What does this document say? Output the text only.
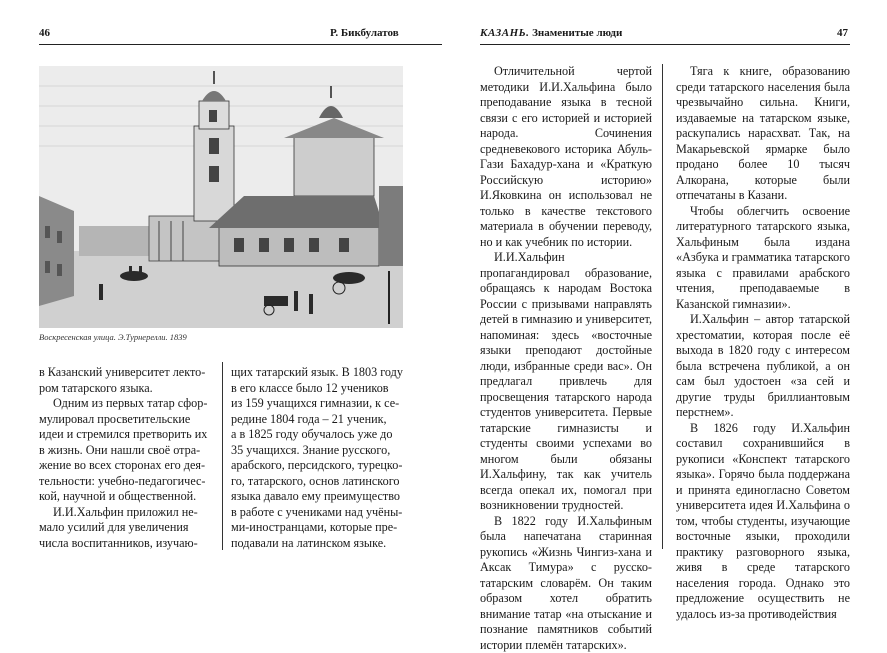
46	Р. Бикбулатов	КАЗАНЬ. Знаменитые люди	47
Воскресенская улица. Э.Турнерелли. 1839

в Казанский университет лекто-

ром татарского языка.

Одним из первых татар сфор-

мулировал просветительские

идеи и стремился претворить их

в жизнь. Они нашли своё отра-

жение во всех сторонах его дея-

тельности: учебно-педагогичес-

кой, научной и общественной.

И.И.Хальфин приложил не-

мало усилий для увеличения

числа воспитанников, изучаю-

щих татарский язык. В 1803 году

в его классе было 12 учеников

из 159 учащихся гимназии, к се-

редине 1804 года – 21 ученик,

а в 1825 году обучалось уже до

35 учащихся. Знание русского,

арабского, персидского, турецко-

го, татарского, основ латинского

языка давало ему преимущество

в работе с учениками над учёны-

ми-иностранцами, которые пре-

подавали на латинском языке.

Отличительной чертой методики И.И.Хальфина было преподавание языка в тесной связи с его историей и историей народа. Сочинения средневекового историка Абуль-Гази Бахадур-хана и «Краткую Российскую историю» И.Яковкина он использовал не только в качестве текстового материала в обучении переводу, но и как учебник по истории.

И.И.Хальфин пропагандировал образование, обращаясь к народам Востока России с призывами направлять детей в гимназию и университет, напоминая: здесь «восточные языки преподают достойные люди, избранные среди вас». Он предлагал привлечь для просвещения татарского народа студентов университета. Первые татарские гимназисты и студенты своими успехами во многом были обязаны И.Хальфину, так как учитель всегда опекал их, помогал при возникновении трудностей.

В 1822 году И.Хальфиным была напечатана старинная рукопись «Жизнь Чингиз-хана и Аксак Тимура» с русско-татарским словарём. Он таким образом хотел обратить внимание татар «на отыскание и познание памятников событий истории племён татарских».

Тяга к книге, образованию среди татарского населения была чрезвычайно сильна. Книги, издаваемые на татарском языке, раскупались нарасхват. Так, на Макарьевской ярмарке было продано более 10 тысяч Алкорана, которые были отпечатаны в Казани.

Чтобы облегчить освоение литературного татарского языка, Хальфиным была издана «Азбука и грамматика татарского языка с правилами арабского чтения, преподаваемые в Казанской гимназии».

И.Хальфин – автор татарской хрестоматии, которая после её выхода в 1820 году с интересом была встречена публикой, а он сам был удостоен «за сей и другие труды бриллиантовым перстнем».

В 1826 году И.Хальфин составил сохранившийся в рукописи «Конспект татарского языка». Горячо была поддержана и принята единогласно Советом университета идея И.Хальфина о том, чтобы студенты, изучающие восточные языки, проходили практику разговорного языка, живя в среде татарского населения города. Однако это предложение осуществить не удалось из-за противодействия
